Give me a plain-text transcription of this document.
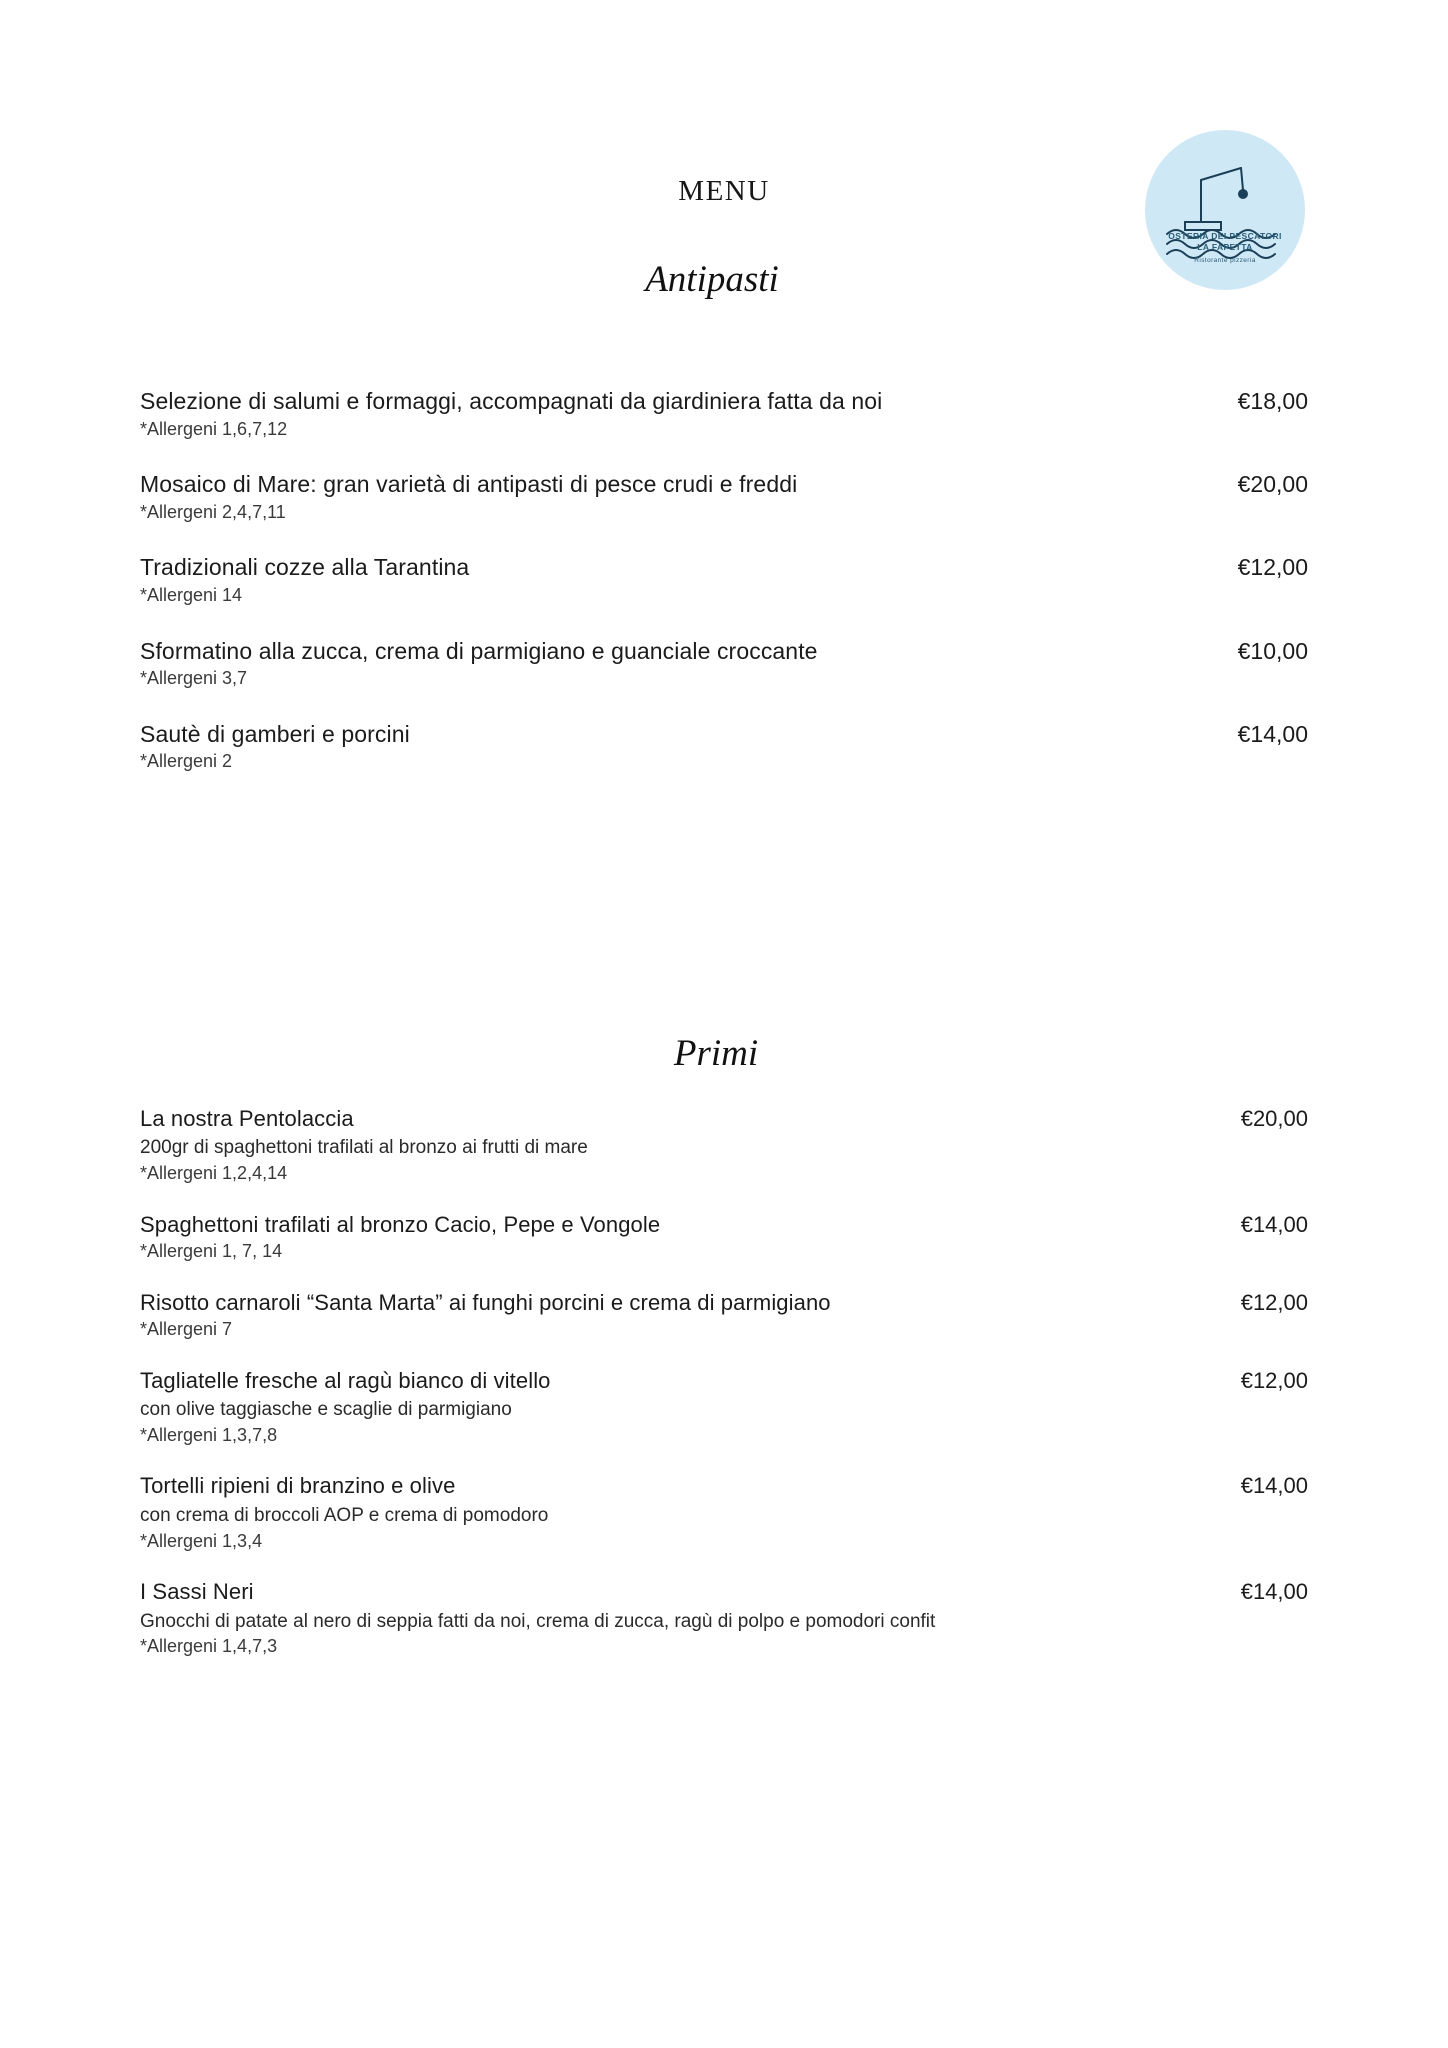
MENU
OSTERIA DEI PESCATORI
LA FAPETTA
Ristorante pizzeria
Antipasti
Selezione di salumi e formaggi, accompagnati da giardiniera fatta da noi	€18,00
*Allergeni 1,6,7,12
Mosaico di Mare: gran varietà di antipasti di pesce crudi e freddi	€20,00
*Allergeni 2,4,7,11
Tradizionali cozze alla Tarantina	€12,00
*Allergeni 14
Sformatino alla zucca, crema di parmigiano e guanciale croccante	€10,00
*Allergeni 3,7
Sautè di gamberi e porcini	€14,00
*Allergeni 2
Primi
La nostra Pentolaccia	€20,00
200gr di spaghettoni trafilati al bronzo ai frutti di mare
*Allergeni 1,2,4,14
Spaghettoni trafilati al bronzo Cacio, Pepe e Vongole	€14,00
*Allergeni 1, 7, 14
Risotto carnaroli “Santa Marta” ai funghi porcini e crema di parmigiano	€12,00
*Allergeni 7
Tagliatelle fresche al ragù bianco di vitello	€12,00
con olive taggiasche e scaglie di parmigiano
*Allergeni 1,3,7,8
Tortelli ripieni di branzino e olive	€14,00
con crema di broccoli AOP e crema di pomodoro
*Allergeni 1,3,4
I Sassi Neri	€14,00
Gnocchi di patate al nero di seppia fatti da noi, crema di zucca, ragù di polpo e pomodori confit
*Allergeni 1,4,7,3
